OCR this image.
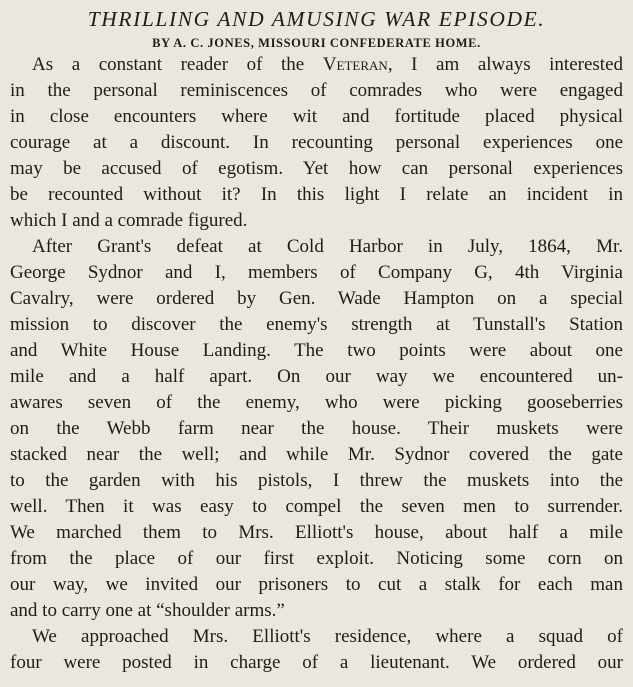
THRILLING AND AMUSING WAR EPISODE.
BY A. C. JONES, MISSOURI CONFEDERATE HOME.
As a constant reader of the Veteran, I am always interested
in the personal reminiscences of comrades who were engaged
in close encounters where wit and fortitude placed physical
courage at a discount. In recounting personal experiences one
may be accused of egotism. Yet how can personal experiences
be recounted without it? In this light I relate an incident in
which I and a comrade figured.
After Grant's defeat at Cold Harbor in July, 1864, Mr.
George Sydnor and I, members of Company G, 4th Virginia
Cavalry, were ordered by Gen. Wade Hampton on a special
mission to discover the enemy's strength at Tunstall's Station
and White House Landing. The two points were about one
mile and a half apart. On our way we encountered un-
awares seven of the enemy, who were picking gooseberries
on the Webb farm near the house. Their muskets were
stacked near the well; and while Mr. Sydnor covered the gate
to the garden with his pistols, I threw the muskets into the
well. Then it was easy to compel the seven men to surrender.
We marched them to Mrs. Elliott's house, about half a mile
from the place of our first exploit. Noticing some corn on
our way, we invited our prisoners to cut a stalk for each man
and to carry one at “shoulder arms.”
We approached Mrs. Elliott's residence, where a squad of
four were posted in charge of a lieutenant. We ordered our
